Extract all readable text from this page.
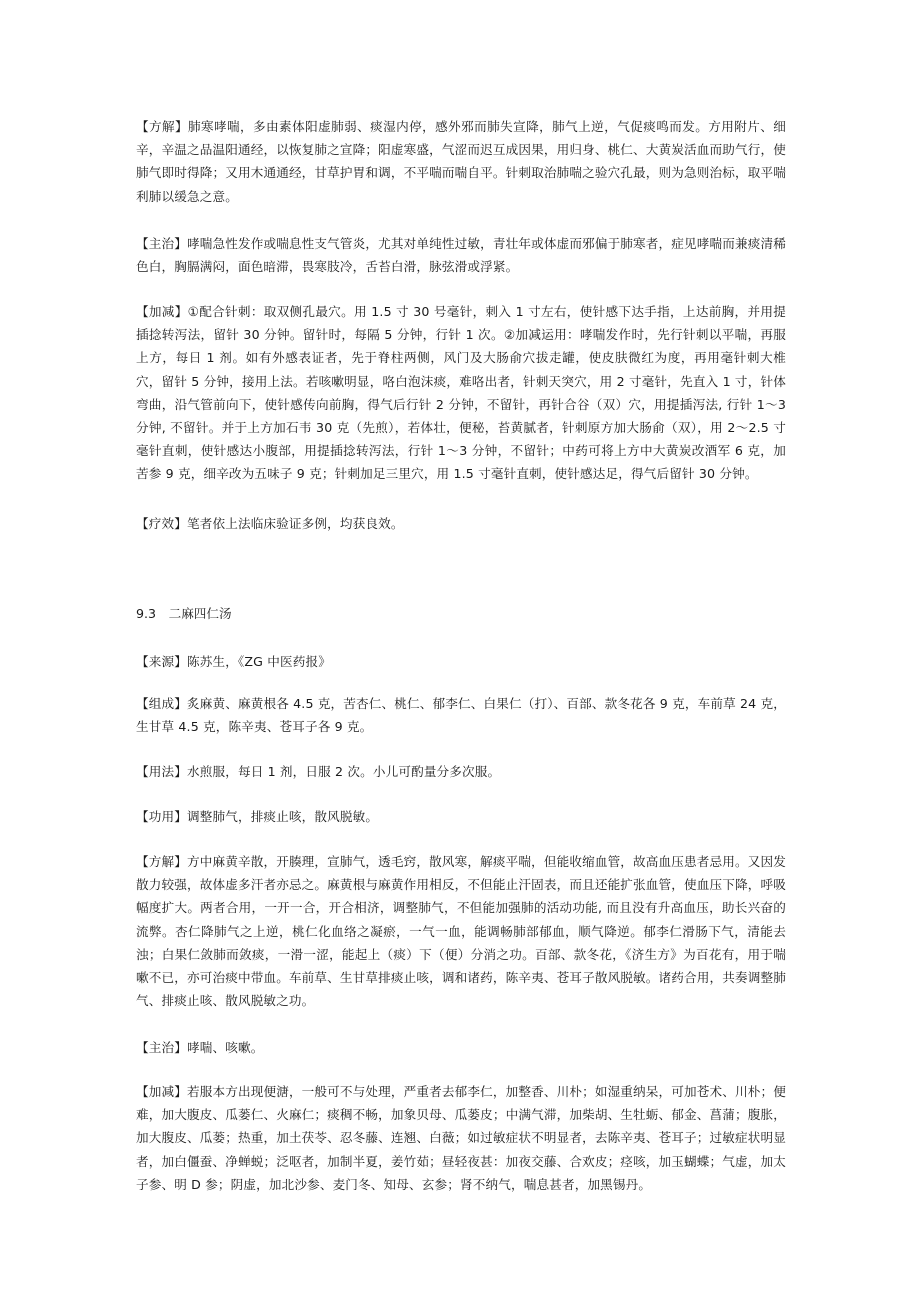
【方解】肺寒哮喘，多由素体阳虚肺弱、痰湿内停，感外邪而肺失宣降，肺气上逆，气促痰鸣而发。方用附片、细辛，辛温之品温阳通经，以恢复肺之宣降；阳虚寒盛，气涩而迟互成因果，用归身、桃仁、大黄炭活血而助气行，使肺气即时得降；又用木通通经，甘草护胃和调，不平喘而喘自平。针刺取治肺喘之验穴孔最，则为急则治标，取平喘利肺以缓急之意。

【主治】哮喘急性发作或喘息性支气管炎，尤其对单纯性过敏，青壮年或体虚而邪偏于肺寒者，症见哮喘而兼痰清稀色白，胸膈满闷，面色暗滞，畏寒肢冷，舌苔白滑，脉弦滑或浮紧。

【加减】①配合针刺：取双侧孔最穴。用 1.5 寸 30 号毫针，刺入 1 寸左右，使针感下达手指，上达前胸，并用提插捻转泻法，留针 30 分钟。留针时，每隔 5 分钟，行针 1 次。②加减运用：哮喘发作时，先行针刺以平喘，再服上方，每日 1 剂。如有外感表证者，先于脊柱两侧，风门及大肠俞穴拔走罐，使皮肤微红为度，再用毫针刺大椎穴，留针 5 分钟，接用上法。若咳嗽明显，咯白泡沫痰，难咯出者，针刺天突穴，用 2 寸毫针，先直入 1 寸，针体弯曲，沿气管前向下，使针感传向前胸，得气后行针 2 分钟，不留针，再针合谷（双）穴，用提插泻法, 行针 1～3 分钟, 不留针。并于上方加石韦 30 克（先煎），若体壮，便秘，苔黄腻者，针刺原方加大肠俞（双），用 2～2.5 寸毫针直刺，使针感达小腹部，用提插捻转泻法，行针 1～3 分钟，不留针；中药可将上方中大黄炭改酒军 6 克，加苦参 9 克，细辛改为五味子 9 克；针刺加足三里穴，用 1.5 寸毫针直刺，使针感达足，得气后留针 30 分钟。

【疗效】笔者依上法临床验证多例，均获良效。

9.3　二麻四仁汤

【来源】陈苏生，《ZG 中医药报》

【组成】炙麻黄、麻黄根各 4.5 克，苦杏仁、桃仁、郁李仁、白果仁（打）、百部、款冬花各 9 克，车前草 24 克，生甘草 4.5 克，陈辛夷、苍耳子各 9 克。

【用法】水煎服，每日 1 剂，日服 2 次。小儿可酌量分多次服。

【功用】调整肺气，排痰止咳，散风脱敏。

【方解】方中麻黄辛散，开腠理，宣肺气，透毛窍，散风寒，解痰平喘，但能收缩血管，故高血压患者忌用。又因发散力较强，故体虚多汗者亦忌之。麻黄根与麻黄作用相反，不但能止汗固表，而且还能扩张血管，使血压下降，呼吸幅度扩大。两者合用，一开一合，开合相济，调整肺气，不但能加强肺的活动功能, 而且没有升高血压，助长兴奋的流弊。杏仁降肺气之上逆，桃仁化血络之凝瘀，一气一血，能调畅肺部郁血，顺气降逆。郁李仁滑肠下气，清能去浊；白果仁敛肺而敛痰，一滑一涩，能起上（痰）下（便）分消之功。百部、款冬花，《济生方》为百花有，用于喘嗽不已，亦可治痰中带血。车前草、生甘草排痰止咳，调和诸药，陈辛夷、苍耳子散风脱敏。诸药合用，共奏调整肺气、排痰止咳、散风脱敏之功。

【主治】哮喘、咳嗽。

【加减】若服本方出现便溏，一般可不与处理，严重者去郁李仁，加整香、川朴；如湿重纳呆，可加苍术、川朴；便难，加大腹皮、瓜蒌仁、火麻仁；痰稠不畅，加象贝母、瓜蒌皮；中满气滞，加柴胡、生牡蛎、郁金、菖蒲；腹胀，加大腹皮、瓜蒌；热重，加土茯苓、忍冬藤、连翘、白薇；如过敏症状不明显者，去陈辛夷、苍耳子；过敏症状明显者，加白僵蚕、净蝉蜕；泛呕者，加制半夏，姜竹茹；昼轻夜甚：加夜交藤、合欢皮；痉咳，加玉蝴蝶；气虚，加太子参、明 D 参；阴虚，加北沙参、麦门冬、知母、玄参；肾不纳气，喘息甚者，加黑锡丹。
